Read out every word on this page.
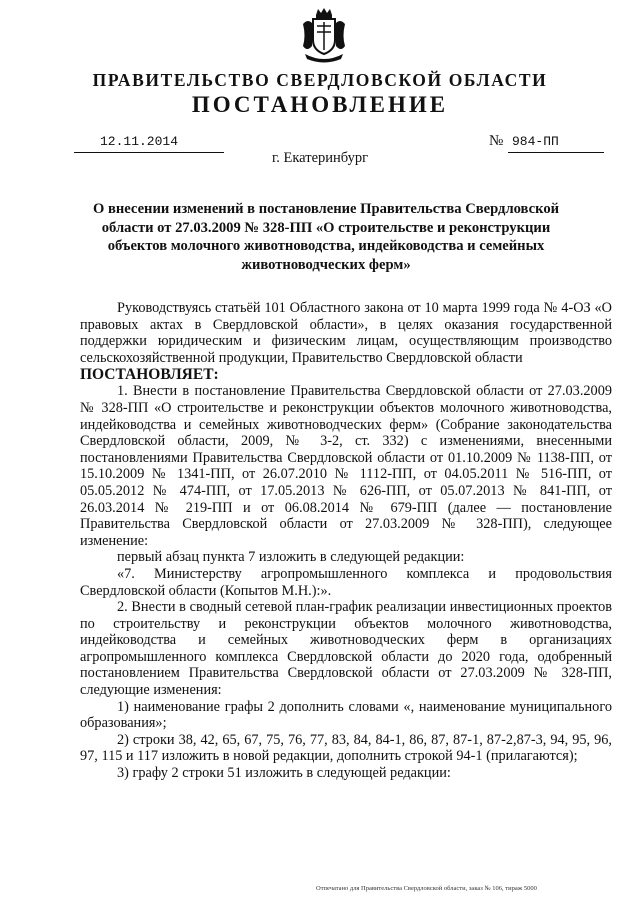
ПРАВИТЕЛЬСТВО СВЕРДЛОВСКОЙ ОБЛАСТИ
ПОСТАНОВЛЕНИЕ
12.11.2014	№ 984-ПП
г. Екатеринбург
О внесении изменений в постановление Правительства Свердловской области от 27.03.2009 № 328-ПП «О строительстве и реконструкции объектов молочного животноводства, индейководства и семейных животноводческих ферм»

Руководствуясь статьёй 101 Областного закона от 10 марта 1999 года № 4-ОЗ «О правовых актах в Свердловской области», в целях оказания государственной поддержки юридическим и физическим лицам, осуществляющим производство сельскохозяйственной продукции, Правительство Свердловской области

ПОСТАНОВЛЯЕТ:

1. Внести в постановление Правительства Свердловской области от 27.03.2009 № 328-ПП «О строительстве и реконструкции объектов молочного животноводства, индейководства и семейных животноводческих ферм» (Собрание законодательства Свердловской области, 2009, № 3-2, ст. 332) с изменениями, внесенными постановлениями Правительства Свердловской области от 01.10.2009 № 1138-ПП, от 15.10.2009 № 1341-ПП, от 26.07.2010 № 1112-ПП, от 04.05.2011 № 516-ПП, от 05.05.2012 № 474-ПП, от 17.05.2013 № 626-ПП, от 05.07.2013 № 841-ПП, от 26.03.2014 № 219-ПП и от 06.08.2014 № 679-ПП (далее — постановление Правительства Свердловской области от 27.03.2009 № 328-ПП), следующее изменение:

первый абзац пункта 7 изложить в следующей редакции:

«7. Министерству агропромышленного комплекса и продовольствия Свердловской области (Копытов М.Н.):».

2. Внести в сводный сетевой план-график реализации инвестиционных проектов по строительству и реконструкции объектов молочного животноводства, индейководства и семейных животноводческих ферм в организациях агропромышленного комплекса Свердловской области до 2020 года, одобренный постановлением Правительства Свердловской области от 27.03.2009 № 328-ПП, следующие изменения:

1) наименование графы 2 дополнить словами «, наименование муниципального образования»;

2) строки 38, 42, 65, 67, 75, 76, 77, 83, 84, 84-1, 86, 87, 87-1, 87-2,87-3, 94, 95, 96, 97, 115 и 117 изложить в новой редакции, дополнить строкой 94-1 (прилагаются);

3) графу 2 строки 51 изложить в следующей редакции:

Отпечатано для Правительства Свердловской области, заказ № 106, тираж 5000
